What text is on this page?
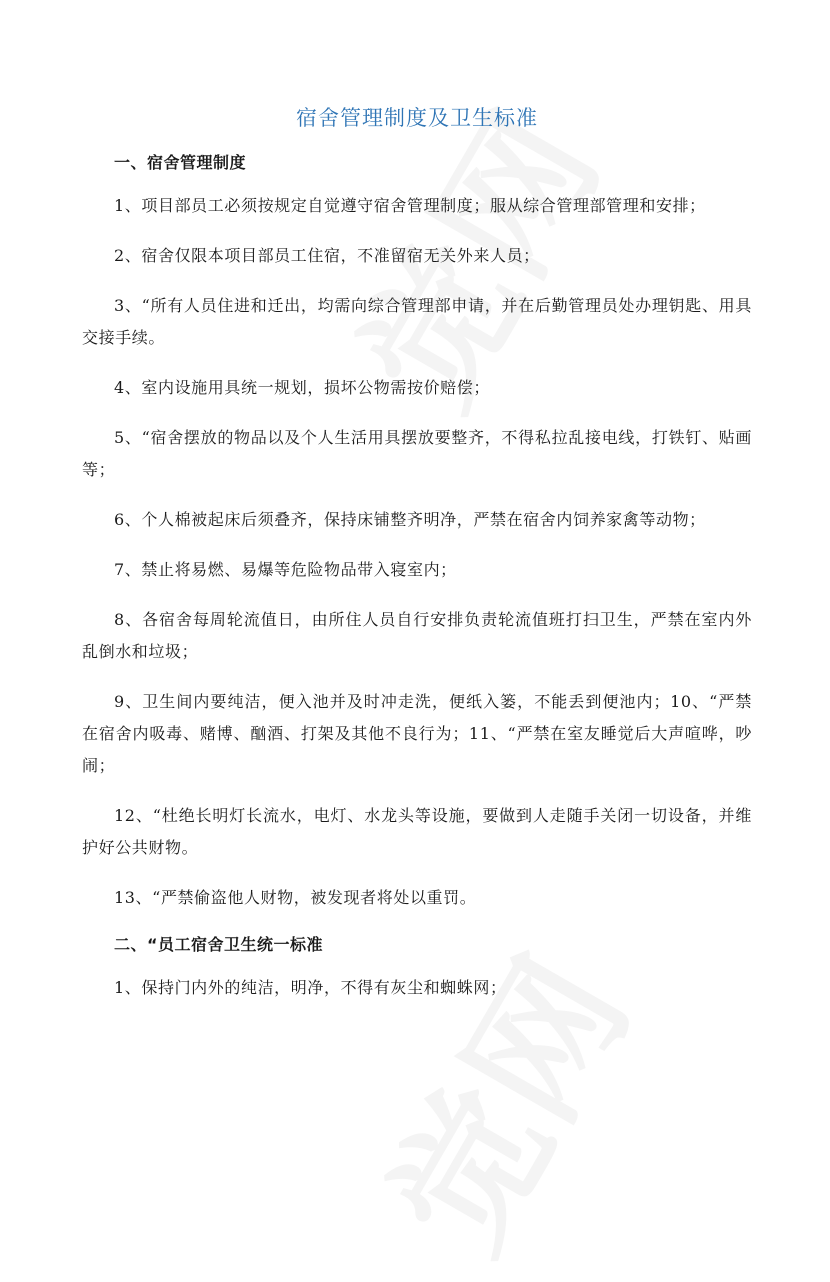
宿舍管理制度及卫生标准
一、宿舍管理制度
1、项目部员工必须按规定自觉遵守宿舍管理制度；服从综合管理部管理和安排；
2、宿舍仅限本项目部员工住宿，不准留宿无关外来人员；
3、“所有人员住进和迁出，均需向综合管理部申请，并在后勤管理员处办理钥匙、用具交接手续。
4、室内设施用具统一规划，损坏公物需按价赔偿；
5、“宿舍摆放的物品以及个人生活用具摆放要整齐，不得私拉乱接电线，打铁钉、贴画等；
6、个人棉被起床后须叠齐，保持床铺整齐明净，严禁在宿舍内饲养家禽等动物；
7、禁止将易燃、易爆等危险物品带入寝室内；
8、各宿舍每周轮流值日，由所住人员自行安排负责轮流值班打扫卫生，严禁在室内外乱倒水和垃圾；
9、卫生间内要纯洁，便入池并及时冲走洗，便纸入篓，不能丢到便池内；10、“严禁在宿舍内吸毒、赌博、酗酒、打架及其他不良行为；11、“严禁在室友睡觉后大声喧哗，吵闹；
12、“杜绝长明灯长流水，电灯、水龙头等设施，要做到人走随手关闭一切设备，并维护好公共财物。
13、“严禁偷盗他人财物，被发现者将处以重罚。
二、“员工宿舍卫生统一标准
1、保持门内外的纯洁，明净，不得有灰尘和蜘蛛网；
